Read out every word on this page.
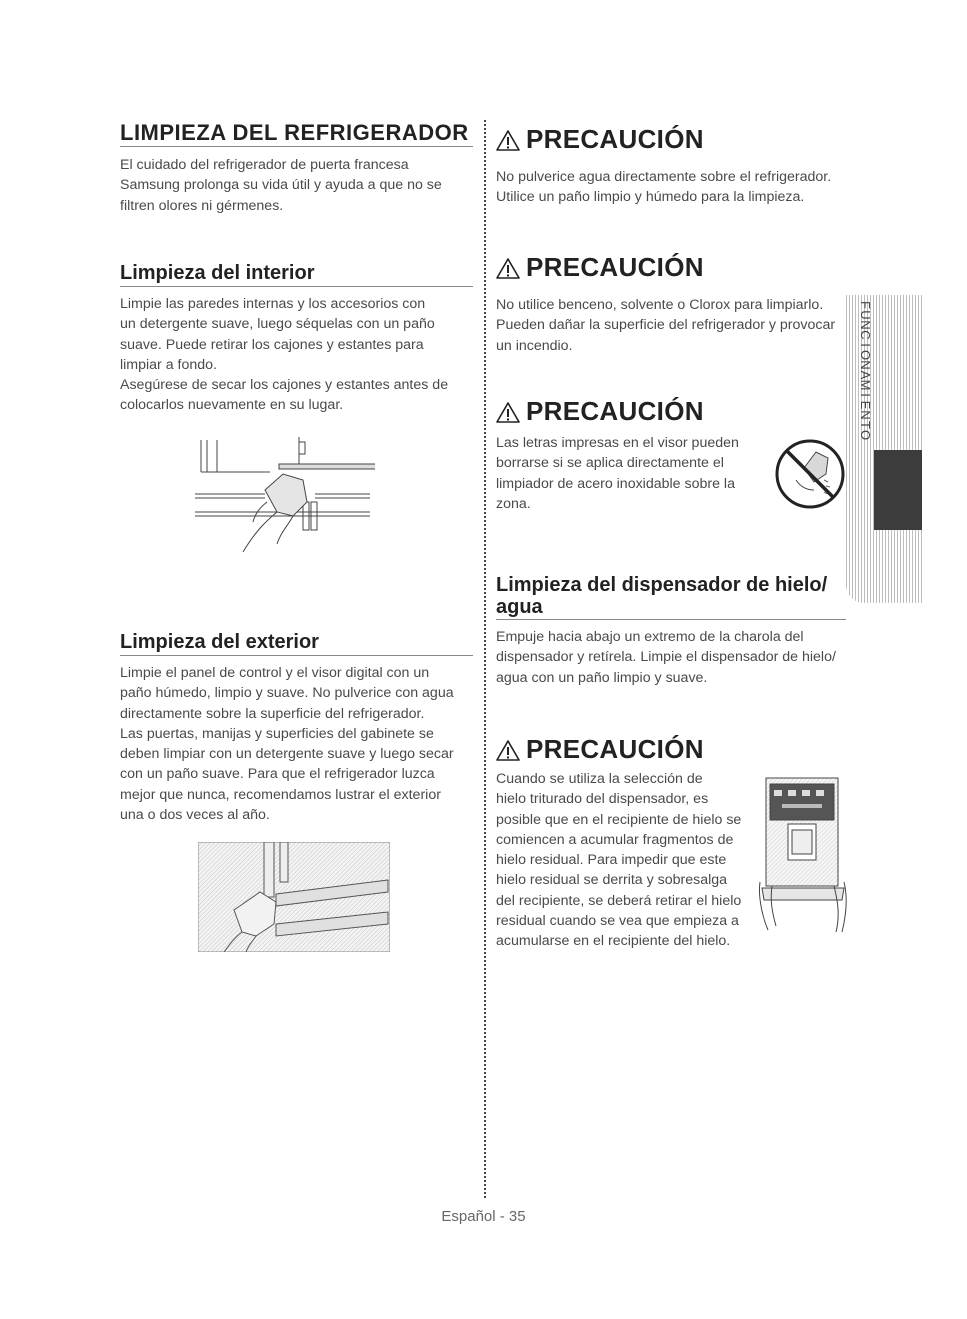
LIMPIEZA DEL REFRIGERADOR

El cuidado del refrigerador de puerta francesa

Samsung prolonga su vida útil y ayuda a que no se

filtren olores ni gérmenes.

Limpieza del interior

Limpie las paredes internas y los accesorios con

un detergente suave, luego séquelas con un paño

suave. Puede retirar los cajones y estantes para

limpiar a fondo.

Asegúrese de secar los cajones y estantes antes de

colocarlos nuevamente en su lugar.

Limpieza del exterior

Limpie el panel de control y el visor digital con un

paño húmedo, limpio y suave. No pulverice con agua

directamente sobre la superficie del refrigerador.

Las puertas, manijas y superficies del gabinete se

deben limpiar con un detergente suave y luego secar

con un paño suave. Para que el refrigerador luzca

mejor que nunca, recomendamos lustrar el exterior

una o dos veces al año.

PRECAUCIÓN

No pulverice agua directamente sobre el refrigerador.

Utilice un paño limpio y húmedo para la limpieza.

PRECAUCIÓN

No utilice benceno, solvente o Clorox para limpiarlo.

Pueden dañar la superficie del refrigerador y provocar

un incendio.

PRECAUCIÓN

Las letras impresas en el visor pueden

borrarse si se aplica directamente el

limpiador de acero inoxidable sobre la

zona.

Limpieza del dispensador de hielo/
agua

Empuje hacia abajo un extremo de la charola del

dispensador y retírela. Limpie el dispensador de hielo/

agua con un paño limpio y suave.

PRECAUCIÓN

Cuando se utiliza la selección de

hielo triturado del dispensador, es

posible que en el recipiente de hielo se

comiencen a acumular fragmentos de

hielo residual. Para impedir que este

hielo residual se derrita y sobresalga

del recipiente, se deberá retirar el hielo

residual cuando se vea que empieza a

acumularse en el recipiente del hielo.

F
U
N
C
I
O
N
A
M
I
E
N
T
O
Español - 35
